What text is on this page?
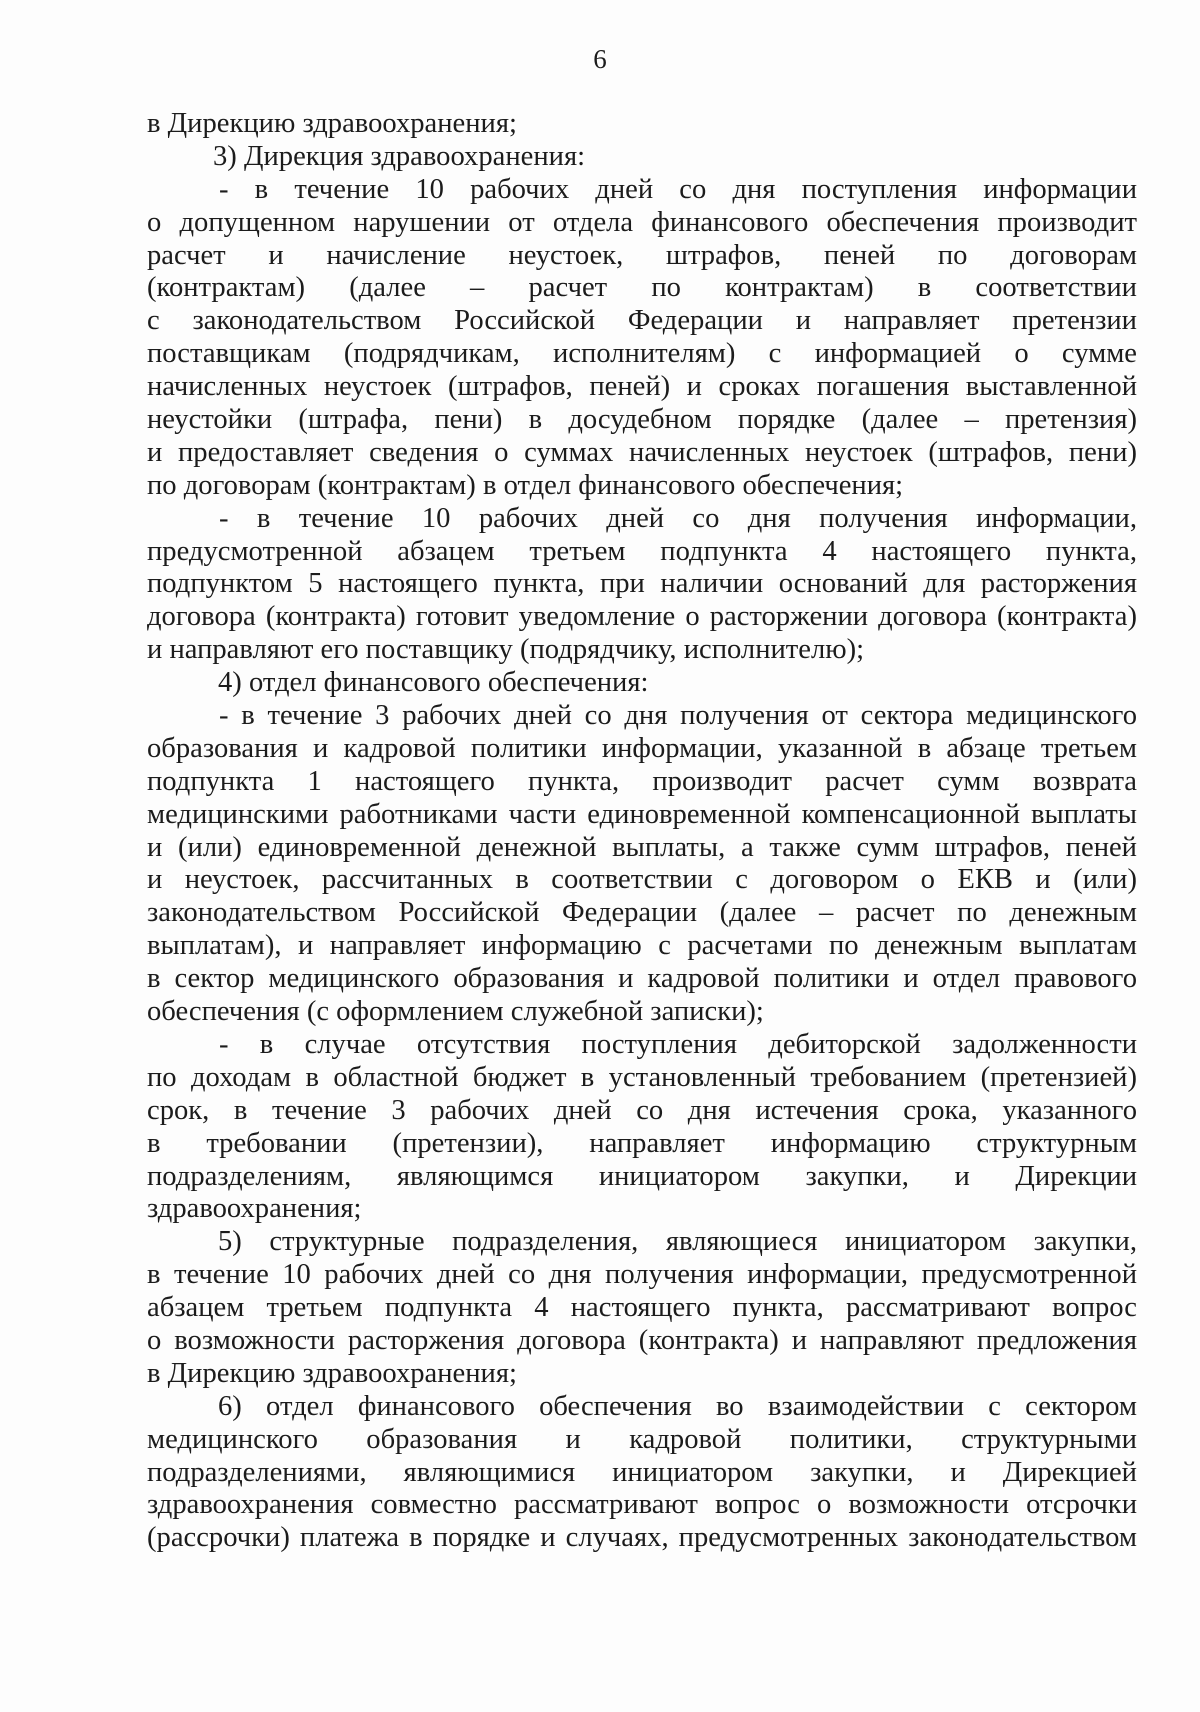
6
в Дирекцию здравоохранения;
3) Дирекция здравоохранения:
- в течение 10 рабочих дней со дня поступления информации
о допущенном нарушении от отдела финансового обеспечения производит
расчет и начисление неустоек, штрафов, пеней по договорам
(контрактам) (далее – расчет по контрактам) в соответствии
с законодательством Российской Федерации и направляет претензии
поставщикам (подрядчикам, исполнителям) с информацией о сумме
начисленных неустоек (штрафов, пеней) и сроках погашения выставленной
неустойки (штрафа, пени) в досудебном порядке (далее – претензия)
и предоставляет сведения о суммах начисленных неустоек (штрафов, пени)
по договорам (контрактам) в отдел финансового обеспечения;
- в течение 10 рабочих дней со дня получения информации,
предусмотренной абзацем третьем подпункта 4 настоящего пункта,
подпунктом 5 настоящего пункта, при наличии оснований для расторжения
договора (контракта) готовит уведомление о расторжении договора (контракта)
и направляют его поставщику (подрядчику, исполнителю);
4) отдел финансового обеспечения:
- в течение 3 рабочих дней со дня получения от сектора медицинского
образования и кадровой политики информации, указанной в абзаце третьем
подпункта 1 настоящего пункта, производит расчет сумм возврата
медицинскими работниками части единовременной компенсационной выплаты
и (или) единовременной денежной выплаты, а также сумм штрафов, пеней
и неустоек, рассчитанных в соответствии с договором о ЕКВ и (или)
законодательством Российской Федерации (далее – расчет по денежным
выплатам), и направляет информацию с расчетами по денежным выплатам
в сектор медицинского образования и кадровой политики и отдел правового
обеспечения (с оформлением служебной записки);
- в случае отсутствия поступления дебиторской задолженности
по доходам в областной бюджет в установленный требованием (претензией)
срок, в течение 3 рабочих дней со дня истечения срока, указанного
в требовании (претензии), направляет информацию структурным
подразделениям, являющимся инициатором закупки, и Дирекции
здравоохранения;
5) структурные подразделения, являющиеся инициатором закупки,
в течение 10 рабочих дней со дня получения информации, предусмотренной
абзацем третьем подпункта 4 настоящего пункта, рассматривают вопрос
о возможности расторжения договора (контракта) и направляют предложения
в Дирекцию здравоохранения;
6) отдел финансового обеспечения во взаимодействии с сектором
медицинского образования и кадровой политики, структурными
подразделениями, являющимися инициатором закупки, и Дирекцией
здравоохранения совместно рассматривают вопрос о возможности отсрочки
(рассрочки) платежа в порядке и случаях, предусмотренных законодательством
